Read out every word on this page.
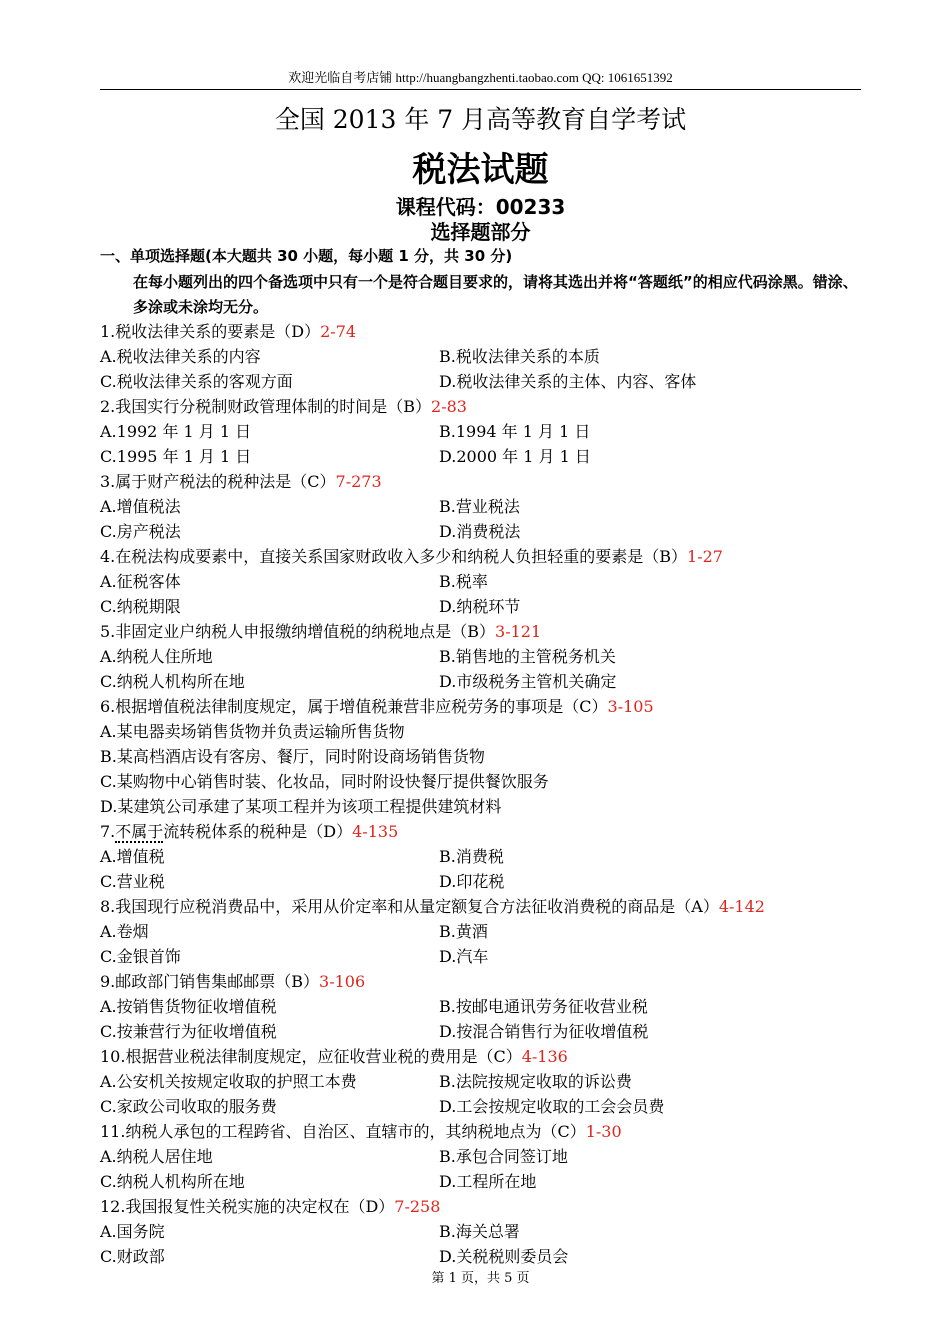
欢迎光临自考店铺 http://huangbangzhenti.taobao.com QQ: 1061651392
全国 2013 年 7 月高等教育自学考试
税法试题
课程代码：00233
选择题部分
一、单项选择题(本大题共 30 小题，每小题 1 分，共 30 分)
在每小题列出的四个备选项中只有一个是符合题目要求的，请将其选出并将“答题纸”的相应代码涂黑。错涂、多涂或未涂均无分。
1.税收法律关系的要素是（D）2-74
A.税收法律关系的内容	B.税收法律关系的本质
C.税收法律关系的客观方面	D.税收法律关系的主体、内容、客体
2.我国实行分税制财政管理体制的时间是（B）2-83
A.1992 年 1 月 1 日	B.1994 年 1 月 1 日
C.1995 年 1 月 1 日	D.2000 年 1 月 1 日
3.属于财产税法的税种法是（C）7-273
A.增值税法	B.营业税法
C.房产税法	D.消费税法
4.在税法构成要素中，直接关系国家财政收入多少和纳税人负担轻重的要素是（B）1-27
A.征税客体	B.税率
C.纳税期限	D.纳税环节
5.非固定业户纳税人申报缴纳增值税的纳税地点是（B）3-121
A.纳税人住所地	B.销售地的主管税务机关
C.纳税人机构所在地	D.市级税务主管机关确定
6.根据增值税法律制度规定，属于增值税兼营非应税劳务的事项是（C）3-105
A.某电器卖场销售货物并负责运输所售货物
B.某高档酒店设有客房、餐厅，同时附设商场销售货物
C.某购物中心销售时装、化妆品，同时附设快餐厅提供餐饮服务
D.某建筑公司承建了某项工程并为该项工程提供建筑材料
7.不属于流转税体系的税种是（D）4-135
A.增值税	B.消费税
C.营业税	D.印花税
8.我国现行应税消费品中，采用从价定率和从量定额复合方法征收消费税的商品是（A）4-142
A.卷烟	B.黄酒
C.金银首饰	D.汽车
9.邮政部门销售集邮邮票（B）3-106
A.按销售货物征收增值税	B.按邮电通讯劳务征收营业税
C.按兼营行为征收增值税	D.按混合销售行为征收增值税
10.根据营业税法律制度规定，应征收营业税的费用是（C）4-136
A.公安机关按规定收取的护照工本费	B.法院按规定收取的诉讼费
C.家政公司收取的服务费	D.工会按规定收取的工会会员费
11.纳税人承包的工程跨省、自治区、直辖市的，其纳税地点为（C）1-30
A.纳税人居住地	B.承包合同签订地
C.纳税人机构所在地	D.工程所在地
12.我国报复性关税实施的决定权在（D）7-258
A.国务院	B.海关总署
C.财政部	D.关税税则委员会
第 1 页，共 5 页
